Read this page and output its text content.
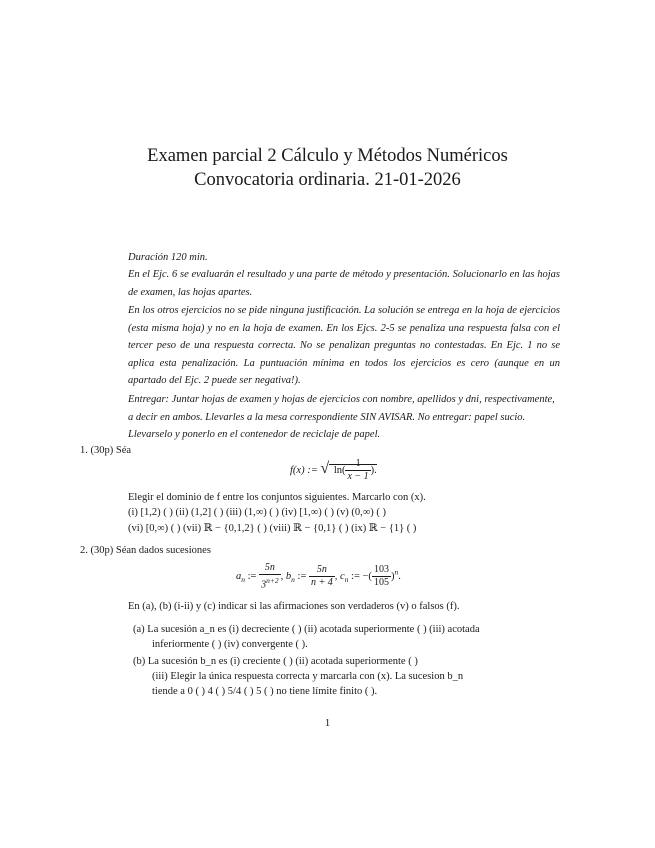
Examen parcial 2 Cálculo y Métodos Numéricos
Convocatoria ordinaria. 21-01-2026

Duración 120 min.

En el Ejc. 6 se evaluarán el resultado y una parte de método y presentación. Solucionarlo en las hojas de examen, las hojas apartes.

En los otros ejercicios no se pide ninguna justificación. La solución se entrega en la hoja de ejercicios (esta misma hoja) y no en la hoja de examen. En los Ejcs. 2-5 se penaliza una respuesta falsa con el tercer peso de una respuesta correcta. No se penalizan preguntas no contestadas. En Ejc. 1 no se aplica esta penalización. La puntuación mínima en todos los ejercicios es cero (aunque en un apartado del Ejc. 2 puede ser negativa!).

Entregar: Juntar hojas de examen y hojas de ejercicios con nombre, apellidos y dni, respectivamente, a decir en ambos. Llevarles a la mesa correspondiente SIN AVISAR. No entregar: papel sucio. Llevarselo y ponerlo en el contenedor de reciclaje de papel.

1. (30p) Séa

f(x) := √ $\ln( \frac{1}{x - 1}$ ).

Elegir el dominio de f entre los conjuntos siguientes. Marcarlo con (x).

(i) [1,2) ( ) (ii) (1,2] ( ) (iii) (1,∞) ( ) (iv) [1,∞) ( ) (v) (0,∞) ( )

(vi) [0,∞) ( ) (vii) ℝ − {0,1,2} ( ) (viii) ℝ − {0,1} ( ) (ix) ℝ − {1} ( )

2. (30p) Séan dados sucesiones

$a_n$ := $\frac{5n}{3^{n+2}}$ , $b_n$ := $\frac{5n}{n + 4}$ , $c_n$ := −( $\frac{103}{105} )^n$.

En (a), (b) (i-ii) y (c) indicar si las afirmaciones son verdaderos (v) o falsos (f).

(a) La sucesión a_n es (i) decreciente ( ) (ii) acotada superiormente ( ) (iii) acotada

inferiormente ( ) (iv) convergente ( ).

(b) La sucesión b_n es (i) creciente ( ) (ii) acotada superiormente ( )

(iii) Elegir la única respuesta correcta y marcarla con (x). La sucesion b_n

tiende a 0 ( ) 4 ( ) 5/4 ( ) 5 ( ) no tiene límite finito ( ).

1
